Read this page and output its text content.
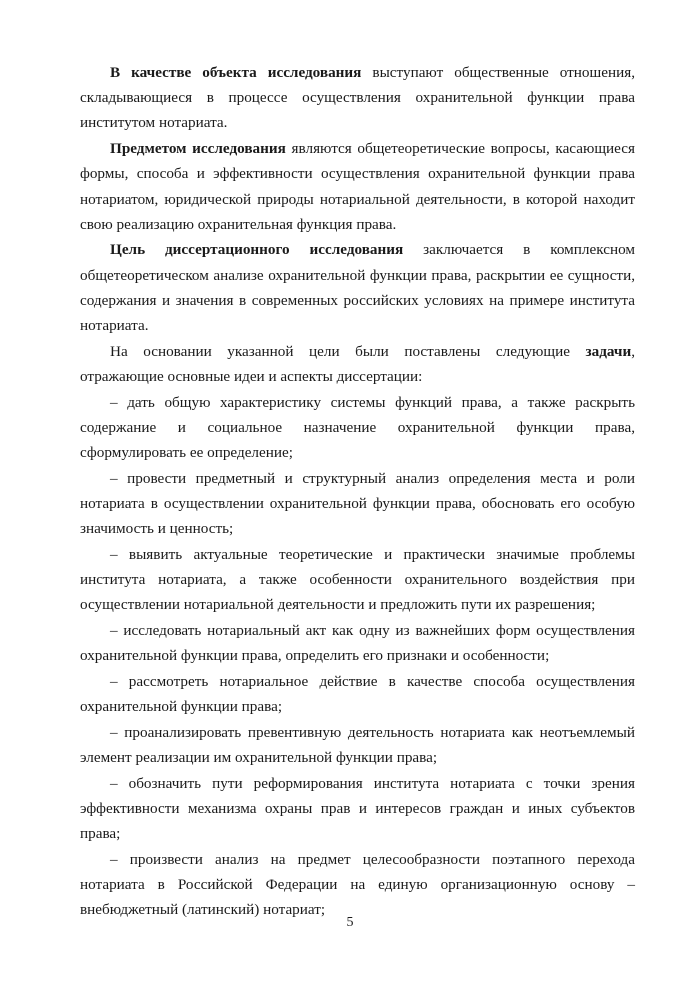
В качестве объекта исследования выступают общественные отношения, складывающиеся в процессе осуществления охранительной функции права институтом нотариата.

Предметом исследования являются общетеоретические вопросы, касающиеся формы, способа и эффективности осуществления охранительной функции права нотариатом, юридической природы нотариальной деятельности, в которой находит свою реализацию охранительная функция права.

Цель диссертационного исследования заключается в комплексном общетеоретическом анализе охранительной функции права, раскрытии ее сущности, содержания и значения в современных российских условиях на примере института нотариата.

На основании указанной цели были поставлены следующие задачи, отражающие основные идеи и аспекты диссертации:

– дать общую характеристику системы функций права, а также раскрыть содержание и социальное назначение охранительной функции права, сформулировать ее определение;

– провести предметный и структурный анализ определения места и роли нотариата в осуществлении охранительной функции права, обосновать его особую значимость и ценность;

– выявить актуальные теоретические и практически значимые проблемы института нотариата, а также особенности охранительного воздействия при осуществлении нотариальной деятельности и предложить пути их разрешения;

– исследовать нотариальный акт как одну из важнейших форм осуществления охранительной функции права, определить его признаки и особенности;

– рассмотреть нотариальное действие в качестве способа осуществления охранительной функции права;

– проанализировать превентивную деятельность нотариата как неотъемлемый элемент реализации им охранительной функции права;

– обозначить пути реформирования института нотариата с точки зрения эффективности механизма охраны прав и интересов граждан и иных субъектов права;

– произвести анализ на предмет целесообразности поэтапного перехода нотариата в Российской Федерации на единую организационную основу – внебюджетный (латинский) нотариат;

5
